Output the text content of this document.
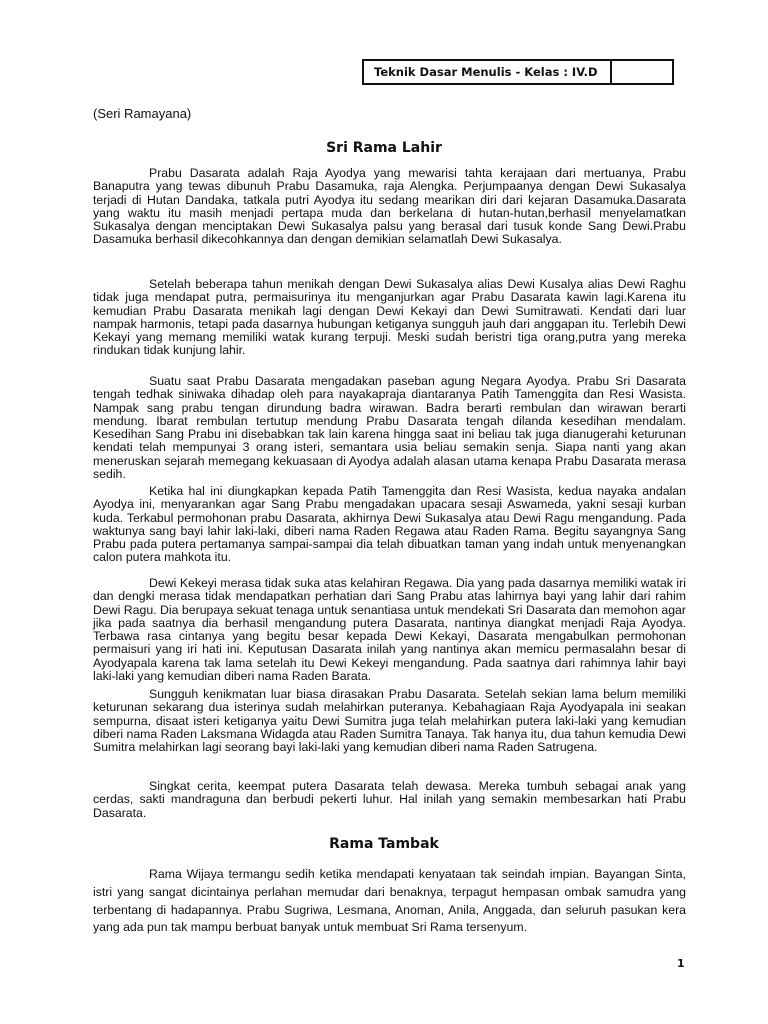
Teknik Dasar Menulis - Kelas : IV.D
(Seri Ramayana)
Sri Rama Lahir

Prabu Dasarata adalah Raja Ayodya yang mewarisi tahta kerajaan dari mertuanya, Prabu Banaputra yang tewas dibunuh Prabu Dasamuka, raja Alengka. Perjumpaanya dengan Dewi Sukasalya terjadi di Hutan Dandaka, tatkala putri Ayodya itu sedang mearikan diri dari kejaran Dasamuka.Dasarata yang waktu itu masih menjadi pertapa muda dan berkelana di hutan-hutan,berhasil menyelamatkan Sukasalya dengan menciptakan Dewi Sukasalya palsu yang berasal dari tusuk konde Sang Dewi.Prabu Dasamuka berhasil dikecohkannya dan dengan demikian selamatlah Dewi Sukasalya.

Setelah beberapa tahun menikah dengan Dewi Sukasalya alias Dewi Kusalya alias Dewi Raghu tidak juga mendapat putra, permaisurinya itu menganjurkan agar Prabu Dasarata kawin lagi.Karena itu kemudian Prabu Dasarata menikah lagi dengan Dewi Kekayi dan Dewi Sumitrawati. Kendati dari luar nampak harmonis, tetapi pada dasarnya hubungan ketiganya sungguh jauh dari anggapan itu. Terlebih Dewi Kekayi yang memang memiliki watak kurang terpuji. Meski sudah beristri tiga orang,putra yang mereka rindukan tidak kunjung lahir.

Suatu saat Prabu Dasarata mengadakan paseban agung Negara Ayodya. Prabu Sri Dasarata tengah tedhak siniwaka dihadap oleh para nayakapraja diantaranya Patih Tamenggita dan Resi Wasista. Nampak sang prabu tengan dirundung badra wirawan. Badra berarti rembulan dan wirawan berarti mendung. Ibarat rembulan tertutup mendung Prabu Dasarata tengah dilanda kesedihan mendalam. Kesedihan Sang Prabu ini disebabkan tak lain karena hingga saat ini beliau tak juga dianugerahi keturunan kendati telah mempunyai 3 orang isteri, semantara usia beliau semakin senja. Siapa nanti yang akan meneruskan sejarah memegang kekuasaan di Ayodya adalah alasan utama kenapa Prabu Dasarata merasa sedih.

Ketika hal ini diungkapkan kepada Patih Tamenggita dan Resi Wasista, kedua nayaka andalan Ayodya ini, menyarankan agar Sang Prabu mengadakan upacara sesaji Aswameda, yakni sesaji kurban kuda. Terkabul permohonan prabu Dasarata, akhirnya Dewi Sukasalya atau Dewi Ragu mengandung. Pada waktunya sang bayi lahir laki-laki, diberi nama Raden Regawa atau Raden Rama. Begitu sayangnya Sang Prabu pada putera pertamanya sampai-sampai dia telah dibuatkan taman yang indah untuk menyenangkan calon putera mahkota itu.

Dewi Kekeyi merasa tidak suka atas kelahiran Regawa. Dia yang pada dasarnya memiliki watak iri dan dengki merasa tidak mendapatkan perhatian dari Sang Prabu atas lahirnya bayi yang lahir dari rahim Dewi Ragu. Dia berupaya sekuat tenaga untuk senantiasa untuk mendekati Sri Dasarata dan memohon agar jika pada saatnya dia berhasil mengandung putera Dasarata, nantinya diangkat menjadi Raja Ayodya. Terbawa rasa cintanya yang begitu besar kepada Dewi Kekayi, Dasarata mengabulkan permohonan permaisuri yang iri hati ini. Keputusan Dasarata inilah yang nantinya akan memicu permasalahn besar di Ayodyapala karena tak lama setelah itu Dewi Kekeyi mengandung. Pada saatnya dari rahimnya lahir bayi laki-laki yang kemudian diberi nama Raden Barata.

Sungguh kenikmatan luar biasa dirasakan Prabu Dasarata. Setelah sekian lama belum memiliki keturunan sekarang dua isterinya sudah melahirkan puteranya. Kebahagiaan Raja Ayodyapala ini seakan sempurna, disaat isteri ketiganya yaitu Dewi Sumitra juga telah melahirkan putera laki-laki yang kemudian diberi nama Raden Laksmana Widagda atau Raden Sumitra Tanaya. Tak hanya itu, dua tahun kemudia Dewi Sumitra melahirkan lagi seorang bayi laki-laki yang kemudian diberi nama Raden Satrugena.

Singkat cerita, keempat putera Dasarata telah dewasa. Mereka tumbuh sebagai anak yang cerdas, sakti mandraguna dan berbudi pekerti luhur. Hal inilah yang semakin membesarkan hati Prabu Dasarata.

Rama Tambak

Rama Wijaya termangu sedih ketika mendapati kenyataan tak seindah impian. Bayangan Sinta, istri yang sangat dicintainya perlahan memudar dari benaknya, terpagut hempasan ombak samudra yang terbentang di hadapannya. Prabu Sugriwa, Lesmana, Anoman, Anila, Anggada, dan seluruh pasukan kera yang ada pun tak mampu berbuat banyak untuk membuat Sri Rama tersenyum.

1
